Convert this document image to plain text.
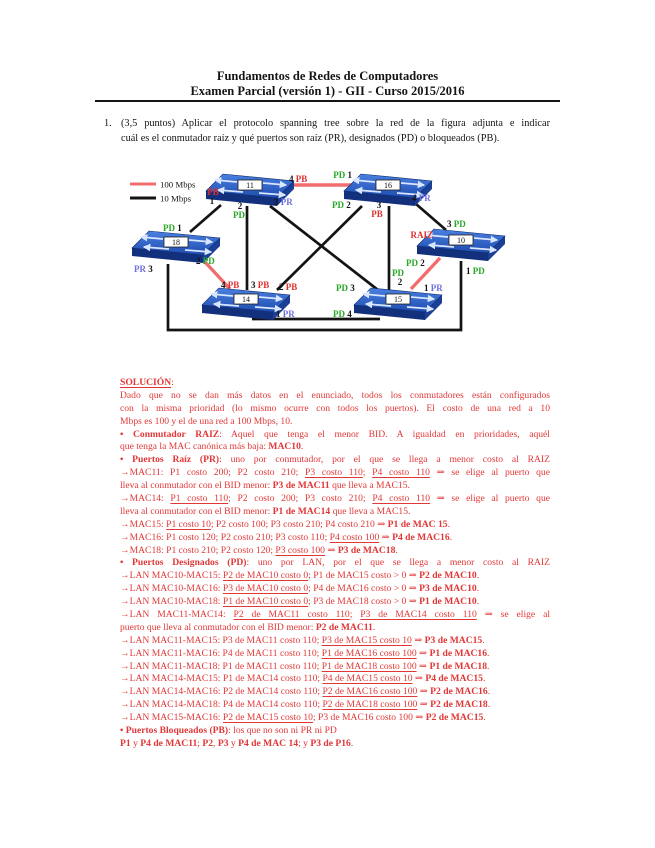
Fundamentos de Redes de Computadores
Examen Parcial (versión 1) - GII - Curso 2015/2016
1. (3,5 puntos) Aplicar el protocolo spanning tree sobre la red de la figura adjunta e indicar
cuál es el conmutador raíz y qué puertos son raíz (PR), designados (PD) o bloqueados (PB).
100 Mbps
10 Mbps
11	16
18	10
14	15
PB
1	2
PD
3 PR
4 PB	PD 1
PD 2	3
PB
4 PR
PD 1
2 PD
PR 3
RAIZ
3 PD
PD 2
1 PD
4 PB 3 PB 2 PB
1 PR
PD 3
PD
2
1 PR
PD 4
SOLUCIÓN:
Dado que no se dan más datos en el enunciado, todos los conmutadores están configurados
con la misma prioridad (lo mismo ocurre con todos los puertos). El costo de una red a 10
Mbps es 100 y el de una red a 100 Mbps, 10.
• Conmutador RAIZ: Aquel que tenga el menor BID. A igualdad en prioridades, aquél
que tenga la MAC canónica más baja: MAC10.
• Puertos Raíz (PR): uno por conmutador, por el que se llega a menor costo al RAIZ
→MAC11: P1 costo 200; P2 costo 210; P3 costo 110; P4 costo 110 ⇒ se elige al puerto que
lleva al conmutador con el BID menor: P3 de MAC11 que lleva a MAC15.
→MAC14: P1 costo 110; P2 costo 200; P3 costo 210; P4 costo 110 ⇒ se elige al puerto que
lleva al conmutador con el BID menor: P1 de MAC14 que lleva a MAC15.
→MAC15: P1 costo 10; P2 costo 100; P3 costo 210; P4 costo 210 ⇒ P1 de MAC 15.
→MAC16: P1 costo 120; P2 costo 210; P3 costo 110; P4 costo 100 ⇒ P4 de MAC16.
→MAC18: P1 costo 210; P2 costo 120; P3 costo 100 ⇒ P3 de MAC18.
• Puertos Designados (PD): uno por LAN, por el que se llega a menor costo al RAIZ
→LAN MAC10-MAC15: P2 de MAC10 costo 0; P1 de MAC15 costo > 0 ⇒ P2 de MAC10.
→LAN MAC10-MAC16: P3 de MAC10 costo 0; P4 de MAC16 costo > 0 ⇒ P3 de MAC10.
→LAN MAC10-MAC18: P1 de MAC10 costo 0; P3 de MAC18 costo > 0 ⇒ P1 de MAC10.
→LAN MAC11-MAC14: P2 de MAC11 costo 110; P3 de MAC14 costo 110 ⇒ se elige al
puerto que lleva al conmutador con el BID menor: P2 de MAC11.
→LAN MAC11-MAC15: P3 de MAC11 costo 110; P3 de MAC15 costo 10 ⇒ P3 de MAC15.
→LAN MAC11-MAC16: P4 de MAC11 costo 110; P1 de MAC16 costo 100 ⇒ P1 de MAC16.
→LAN MAC11-MAC18: P1 de MAC11 costo 110; P1 de MAC18 costo 100 ⇒ P1 de MAC18.
→LAN MAC14-MAC15: P1 de MAC14 costo 110; P4 de MAC15 costo 10 ⇒ P4 de MAC15.
→LAN MAC14-MAC16: P2 de MAC14 costo 110; P2 de MAC16 costo 100 ⇒ P2 de MAC16.
→LAN MAC14-MAC18: P4 de MAC14 costo 110; P2 de MAC18 costo 100 ⇒ P2 de MAC18.
→LAN MAC15-MAC16: P2 de MAC15 costo 10; P3 de MAC16 costo 100 ⇒ P2 de MAC15.
• Puertos Bloqueados (PB): los que no son ni PR ni PD
P1 y P4 de MAC11; P2, P3 y P4 de MAC 14; y P3 de P16.
